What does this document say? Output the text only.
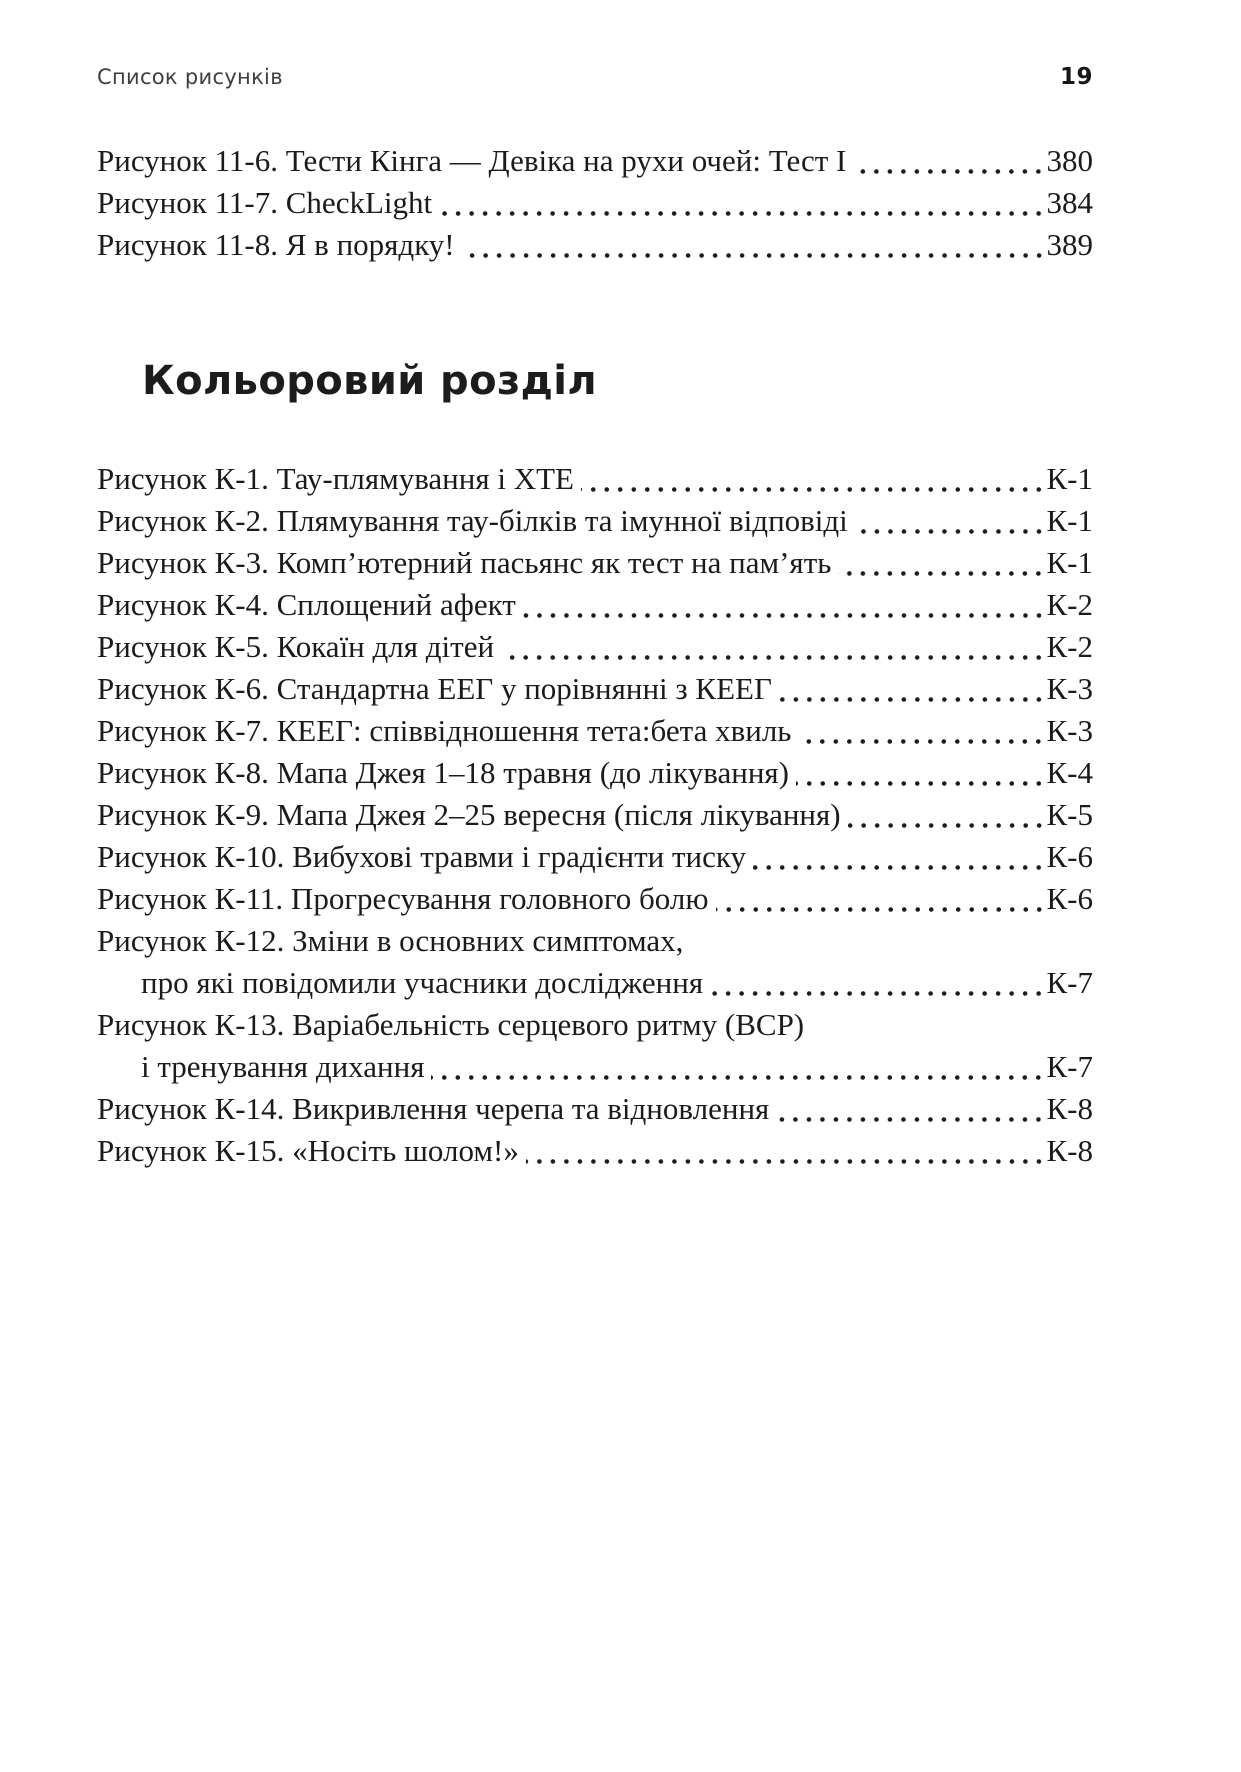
Список рисунків	19
Рисунок 11-6. Тести Кінга — Девіка на рухи очей: Тест І	380
Рисунок 11-7. CheckLight	384
Рисунок 11-8. Я в порядку!	389
Кольоровий розділ
Рисунок К-1. Тау-плямування і ХТЕ	К-1
Рисунок К-2. Плямування тау-білків та імунної відповіді	К-1
Рисунок К-3. Комп’ютерний пасьянс як тест на пам’ять	К-1
Рисунок К-4. Сплощений афект	К-2
Рисунок К-5. Кокаїн для дітей	К-2
Рисунок К-6. Стандартна ЕЕГ у порівнянні з КЕЕГ	К-3
Рисунок К-7. КЕЕГ: співвідношення тета:бета хвиль	К-3
Рисунок К-8. Мапа Джея 1–18 травня (до лікування)	К-4
Рисунок К-9. Мапа Джея 2–25 вересня (після лікування)	К-5
Рисунок К-10. Вибухові травми і градієнти тиску	К-6
Рисунок К-11. Прогресування головного болю	К-6
Рисунок К-12. Зміни в основних симптомах,
про які повідомили учасники дослідження	К-7
Рисунок К-13. Варіабельність серцевого ритму (ВСР)
і тренування дихання	К-7
Рисунок К-14. Викривлення черепа та відновлення	К-8
Рисунок К-15. «Носіть шолом!»	К-8
